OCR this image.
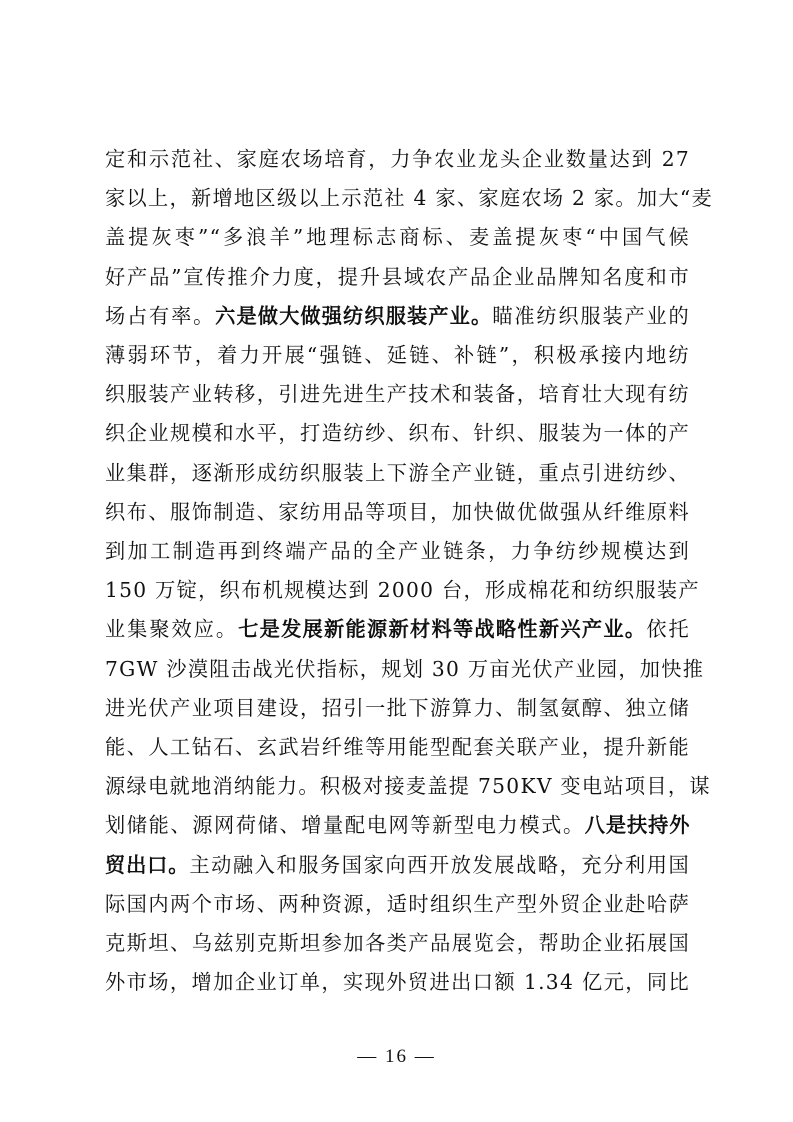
定和示范社、家庭农场培育，力争农业龙头企业数量达到 27
家以上，新增地区级以上示范社 4 家、家庭农场 2 家。加大“麦
盖提灰枣”“多浪羊”地理标志商标、麦盖提灰枣“中国气候
好产品”宣传推介力度，提升县域农产品企业品牌知名度和市
场占有率。六是做大做强纺织服装产业。瞄准纺织服装产业的
薄弱环节，着力开展“强链、延链、补链”，积极承接内地纺
织服装产业转移，引进先进生产技术和装备，培育壮大现有纺
织企业规模和水平，打造纺纱、织布、针织、服装为一体的产
业集群，逐渐形成纺织服装上下游全产业链，重点引进纺纱、
织布、服饰制造、家纺用品等项目，加快做优做强从纤维原料
到加工制造再到终端产品的全产业链条，力争纺纱规模达到
150 万锭，织布机规模达到 2000 台，形成棉花和纺织服装产
业集聚效应。七是发展新能源新材料等战略性新兴产业。依托
7GW 沙漠阻击战光伏指标，规划 30 万亩光伏产业园，加快推
进光伏产业项目建设，招引一批下游算力、制氢氨醇、独立储
能、人工钻石、玄武岩纤维等用能型配套关联产业，提升新能
源绿电就地消纳能力。积极对接麦盖提 750KV 变电站项目，谋
划储能、源网荷储、增量配电网等新型电力模式。八是扶持外
贸出口。主动融入和服务国家向西开放发展战略，充分利用国
际国内两个市场、两种资源，适时组织生产型外贸企业赴哈萨
克斯坦、乌兹别克斯坦参加各类产品展览会，帮助企业拓展国
外市场，增加企业订单，实现外贸进出口额 1.34 亿元，同比
— 16 —
